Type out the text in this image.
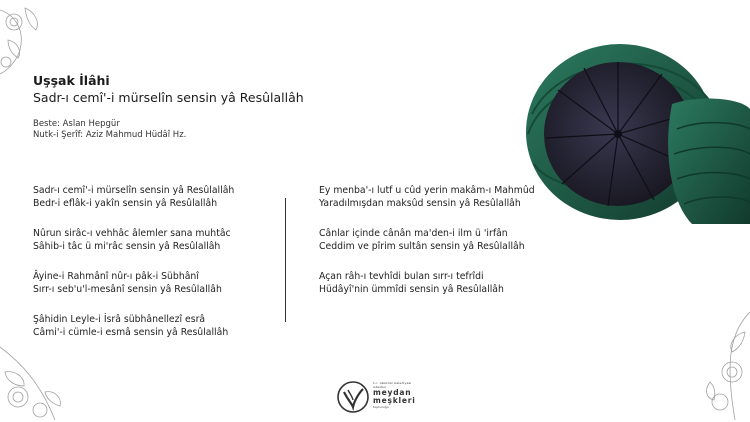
Uşşak İlâhi
Sadr-ı cemî'-i mürselîn sensin yâ Resûlallâh
Beste: Aslan Hepgür
Nutk-i Şerîf: Aziz Mahmud Hüdâî Hz.
Sadr-ı cemî'-i mürselîn sensin yâ Resûlallâh
Bedr-i eflâk-i yakîn sensin yâ Resûlallâh
Nûrun sirâc-ı vehhâc âlemler sana muhtâc
Sâhib-i tâc ü mi'râc sensin yâ Resûlallâh
Âyine-i Rahmânî nûr-ı pâk-i Sübhânî
Sırr-ı seb'u'l-mesânî sensin yâ Resûlallâh
Şâhidin Leyle-i İsrâ sübhânellezî esrâ
Câmi'-i cümle-i esmâ sensin yâ Resûlallâh
Ey menba'-ı lutf u cûd yerin makâm-ı Mahmûd
Yaradılmışdan maksûd sensin yâ Resûlallâh
Cânlar içinde cânân ma'den-i ilm ü 'irfân
Ceddim ve pîrim sultân sensin yâ Resûlallâh
Açan râh-ı tevhîdi bulan sırr-ı tefrîdi
Hüdâyî'nin ümmîdi sensin yâ Resûlallâh
t.c. üsküdar belediyesi
istanbul
meydan
meşkleri
topluluğu
